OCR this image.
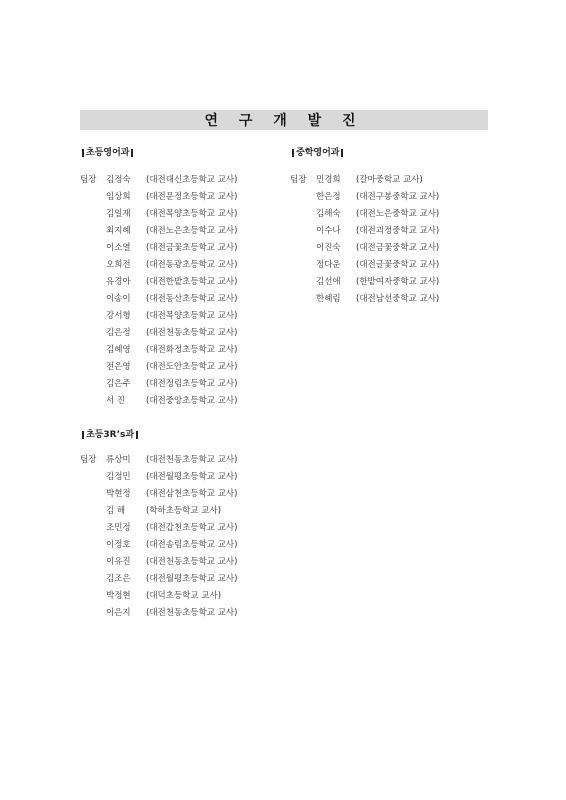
연 구 개 발 진
초등영어과
팀장	김정숙	(대전대신초등학교 교사)
임상희	(대전문정초등학교 교사)
김일재	(대전목양초등학교 교사)
최지혜	(대전노은초등학교 교사)
이소열	(대전금꽃초등학교 교사)
오희전	(대전동광초등학교 교사)
유경아	(대전한밭초등학교 교사)
이송이	(대전동산초등학교 교사)
강서형	(대전목양초등학교 교사)
김은정	(대전천동초등학교 교사)
김혜영	(대전화정초등학교 교사)
전은영	(대전도안초등학교 교사)
김은주	(대전정림초등학교 교사)
서 진	(대전중앙초등학교 교사)
중학영어과
팀장	민경희	(갈마중학교 교사)
한은정	(대전구봉중학교 교사)
김해숙	(대전노은중학교 교사)
이수나	(대전괴정중학교 교사)
이진숙	(대전금꽃중학교 교사)
정다운	(대전글꽃중학교 교사)
김선애	(한밭여자중학교 교사)
한혜림	(대전남선중학교 교사)
초등3R’s과
팀장	류상미	(대전천동초등학교 교사)
김정민	(대전월평초등학교 교사)
박현정	(대전삼천초등학교 교사)
김 해	(학하초등학교 교사)
조민정	(대전갑천초등학교 교사)
이정호	(대전송림초등학교 교사)
이유진	(대전천동초등학교 교사)
김조은	(대전월평초등학교 교사)
박정현	(대덕초등학교 교사)
이은지	(대전천동초등학교 교사)
